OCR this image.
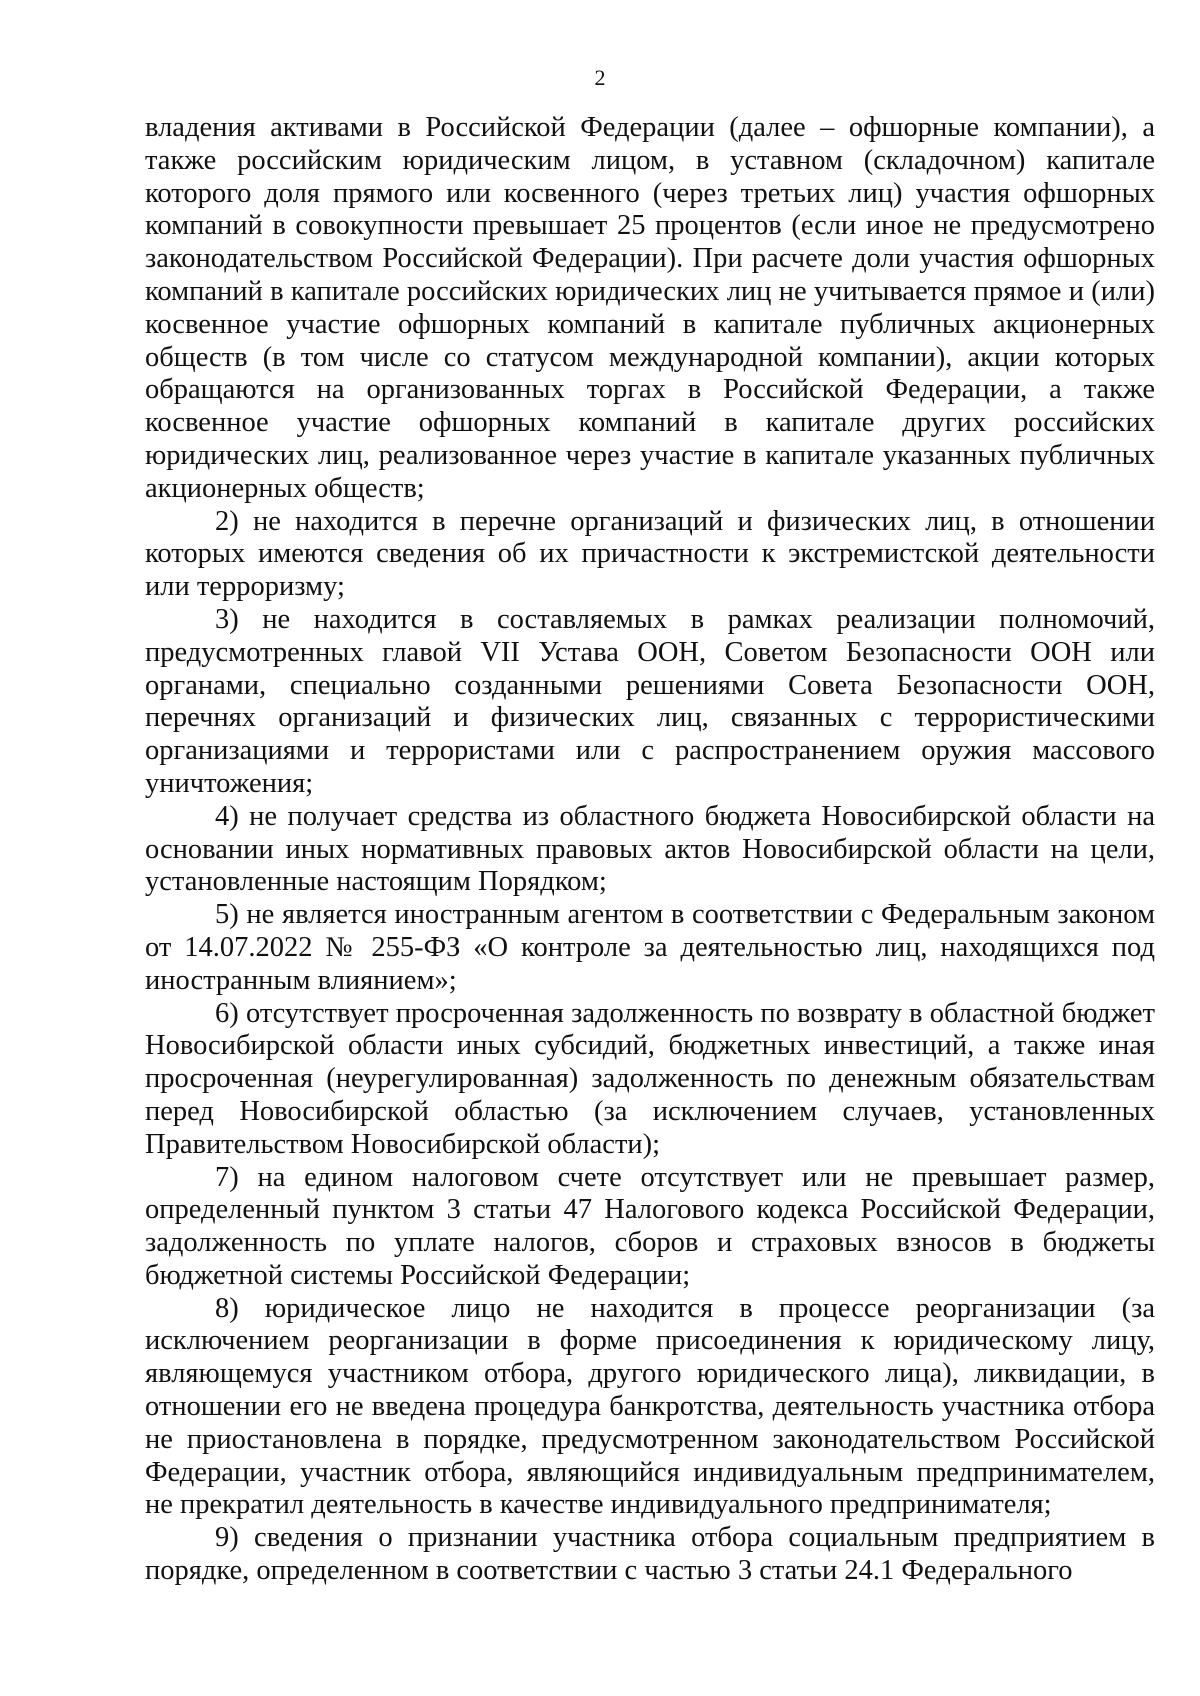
2

владения активами в Российской Федерации (далее – офшорные компании), а также российским юридическим лицом, в уставном (складочном) капитале которого доля прямого или косвенного (через третьих лиц) участия офшорных компаний в совокупности превышает 25 процентов (если иное не предусмотрено законодательством Российской Федерации). При расчете доли участия офшорных компаний в капитале российских юридических лиц не учитывается прямое и (или) косвенное участие офшорных компаний в капитале публичных акционерных обществ (в том числе со статусом международной компании), акции которых обращаются на организованных торгах в Российской Федерации, а также косвенное участие офшорных компаний в капитале других российских юридических лиц, реализованное через участие в капитале указанных публичных акционерных обществ;

2) не находится в перечне организаций и физических лиц, в отношении которых имеются сведения об их причастности к экстремистской деятельности или терроризму;

3) не находится в составляемых в рамках реализации полномочий, предусмотренных главой VII Устава ООН, Советом Безопасности ООН или органами, специально созданными решениями Совета Безопасности ООН, перечнях организаций и физических лиц, связанных с террористическими организациями и террористами или с распространением оружия массового уничтожения;

4) не получает средства из областного бюджета Новосибирской области на основании иных нормативных правовых актов Новосибирской области на цели, установленные настоящим Порядком;

5) не является иностранным агентом в соответствии с Федеральным законом от 14.07.2022 № 255-ФЗ «О контроле за деятельностью лиц, находящихся под иностранным влиянием»;

6) отсутствует просроченная задолженность по возврату в областной бюджет Новосибирской области иных субсидий, бюджетных инвестиций, а также иная просроченная (неурегулированная) задолженность по денежным обязательствам перед Новосибирской областью (за исключением случаев, установленных Правительством Новосибирской области);

7) на едином налоговом счете отсутствует или не превышает размер, определенный пунктом 3 статьи 47 Налогового кодекса Российской Федерации, задолженность по уплате налогов, сборов и страховых взносов в бюджеты бюджетной системы Российской Федерации;

8) юридическое лицо не находится в процессе реорганизации (за исключением реорганизации в форме присоединения к юридическому лицу, являющемуся участником отбора, другого юридического лица), ликвидации, в отношении его не введена процедура банкротства, деятельность участника отбора не приостановлена в порядке, предусмотренном законодательством Российской Федерации, участник отбора, являющийся индивидуальным предпринимателем, не прекратил деятельность в качестве индивидуального предпринимателя;

9) сведения о признании участника отбора социальным предприятием в порядке, определенном в соответствии с частью 3 статьи 24.1 Федерального
